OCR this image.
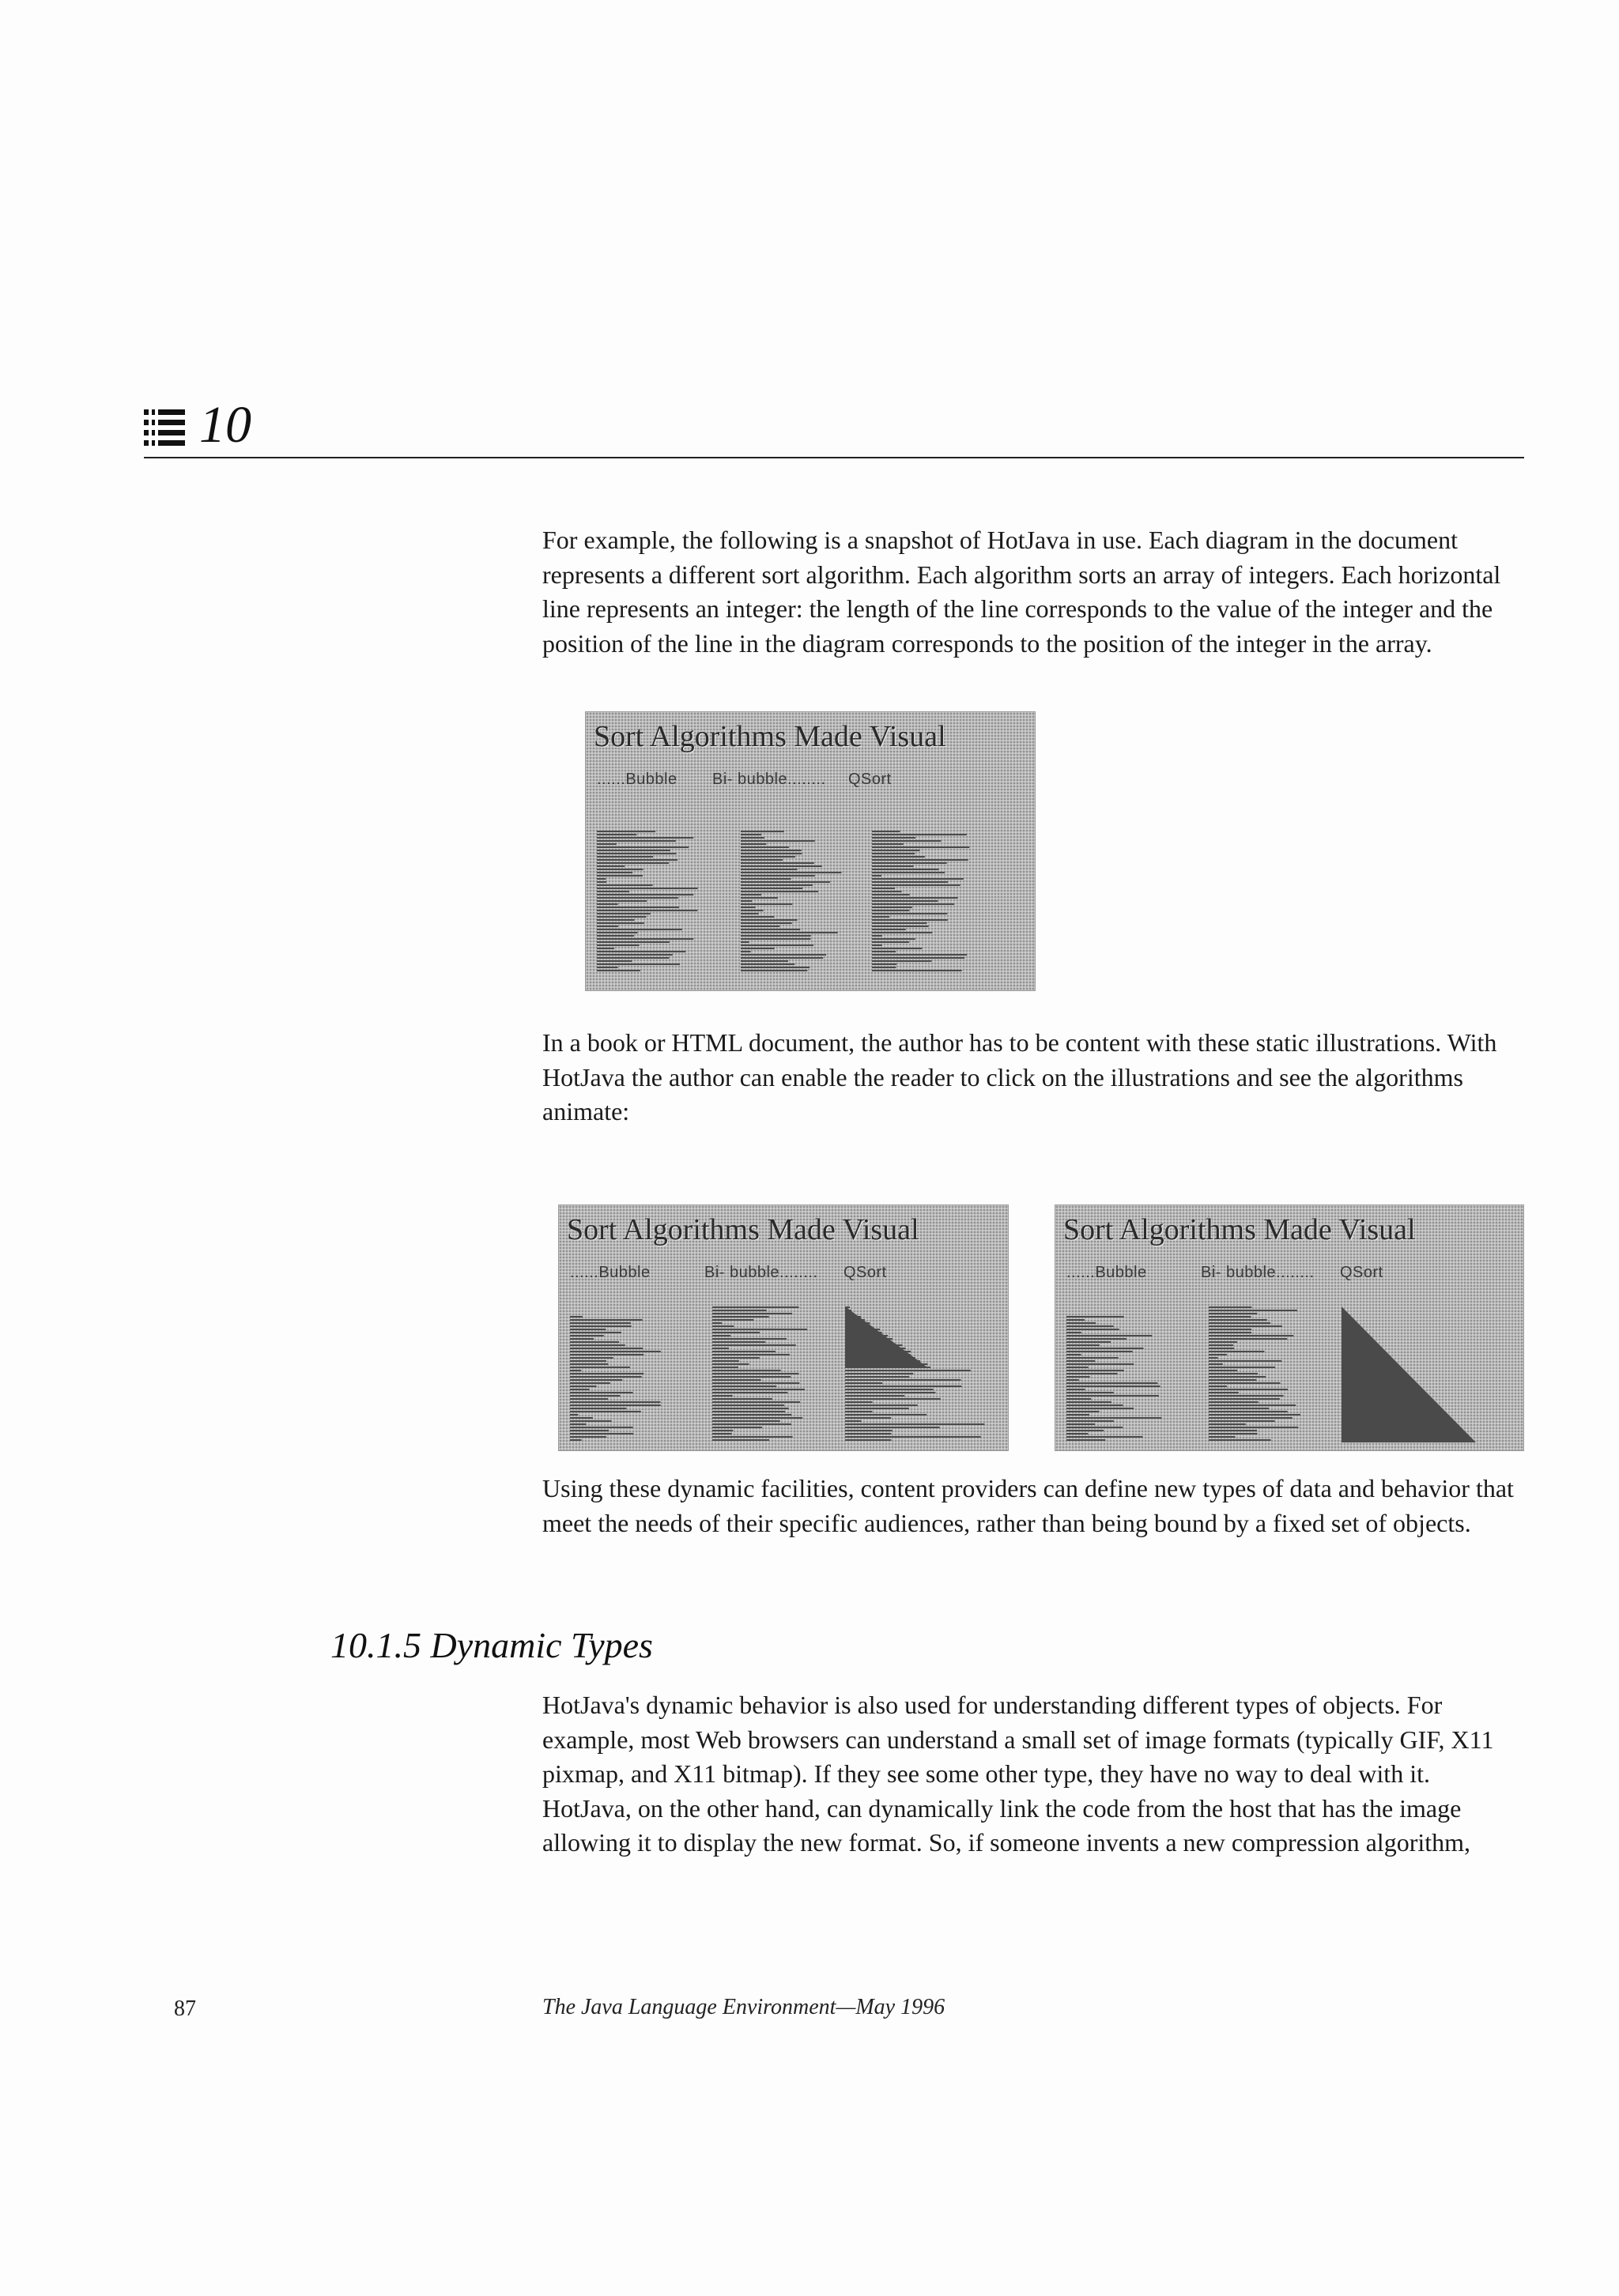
10

For example, the following is a snapshot of HotJava in use. Each diagram in the document represents a different sort algorithm. Each algorithm sorts an array of integers. Each horizontal line represents an integer: the length of the line corresponds to the value of the integer and the position of the line in the diagram corresponds to the position of the integer in the array.

Sort Algorithms Made Visual
......Bubble Bi- bubble........ QSort

In a book or HTML document, the author has to be content with these static illustrations. With HotJava the author can enable the reader to click on the illustrations and see the algorithms animate:

Sort Algorithms Made Visual
......Bubble	Bi- bubble........ QSort
Sort Algorithms Made Visual
......Bubble	Bi- bubble........ QSort

Using these dynamic facilities, content providers can define new types of data and behavior that meet the needs of their specific audiences, rather than being bound by a fixed set of objects.

10.1.5 Dynamic Types

HotJava's dynamic behavior is also used for understanding different types of objects. For example, most Web browsers can understand a small set of image formats (typically GIF, X11 pixmap, and X11 bitmap). If they see some other type, they have no way to deal with it. HotJava, on the other hand, can dynamically link the code from the host that has the image allowing it to display the new format. So, if someone invents a new compression algorithm,

87	The Java Language Environment—May 1996
